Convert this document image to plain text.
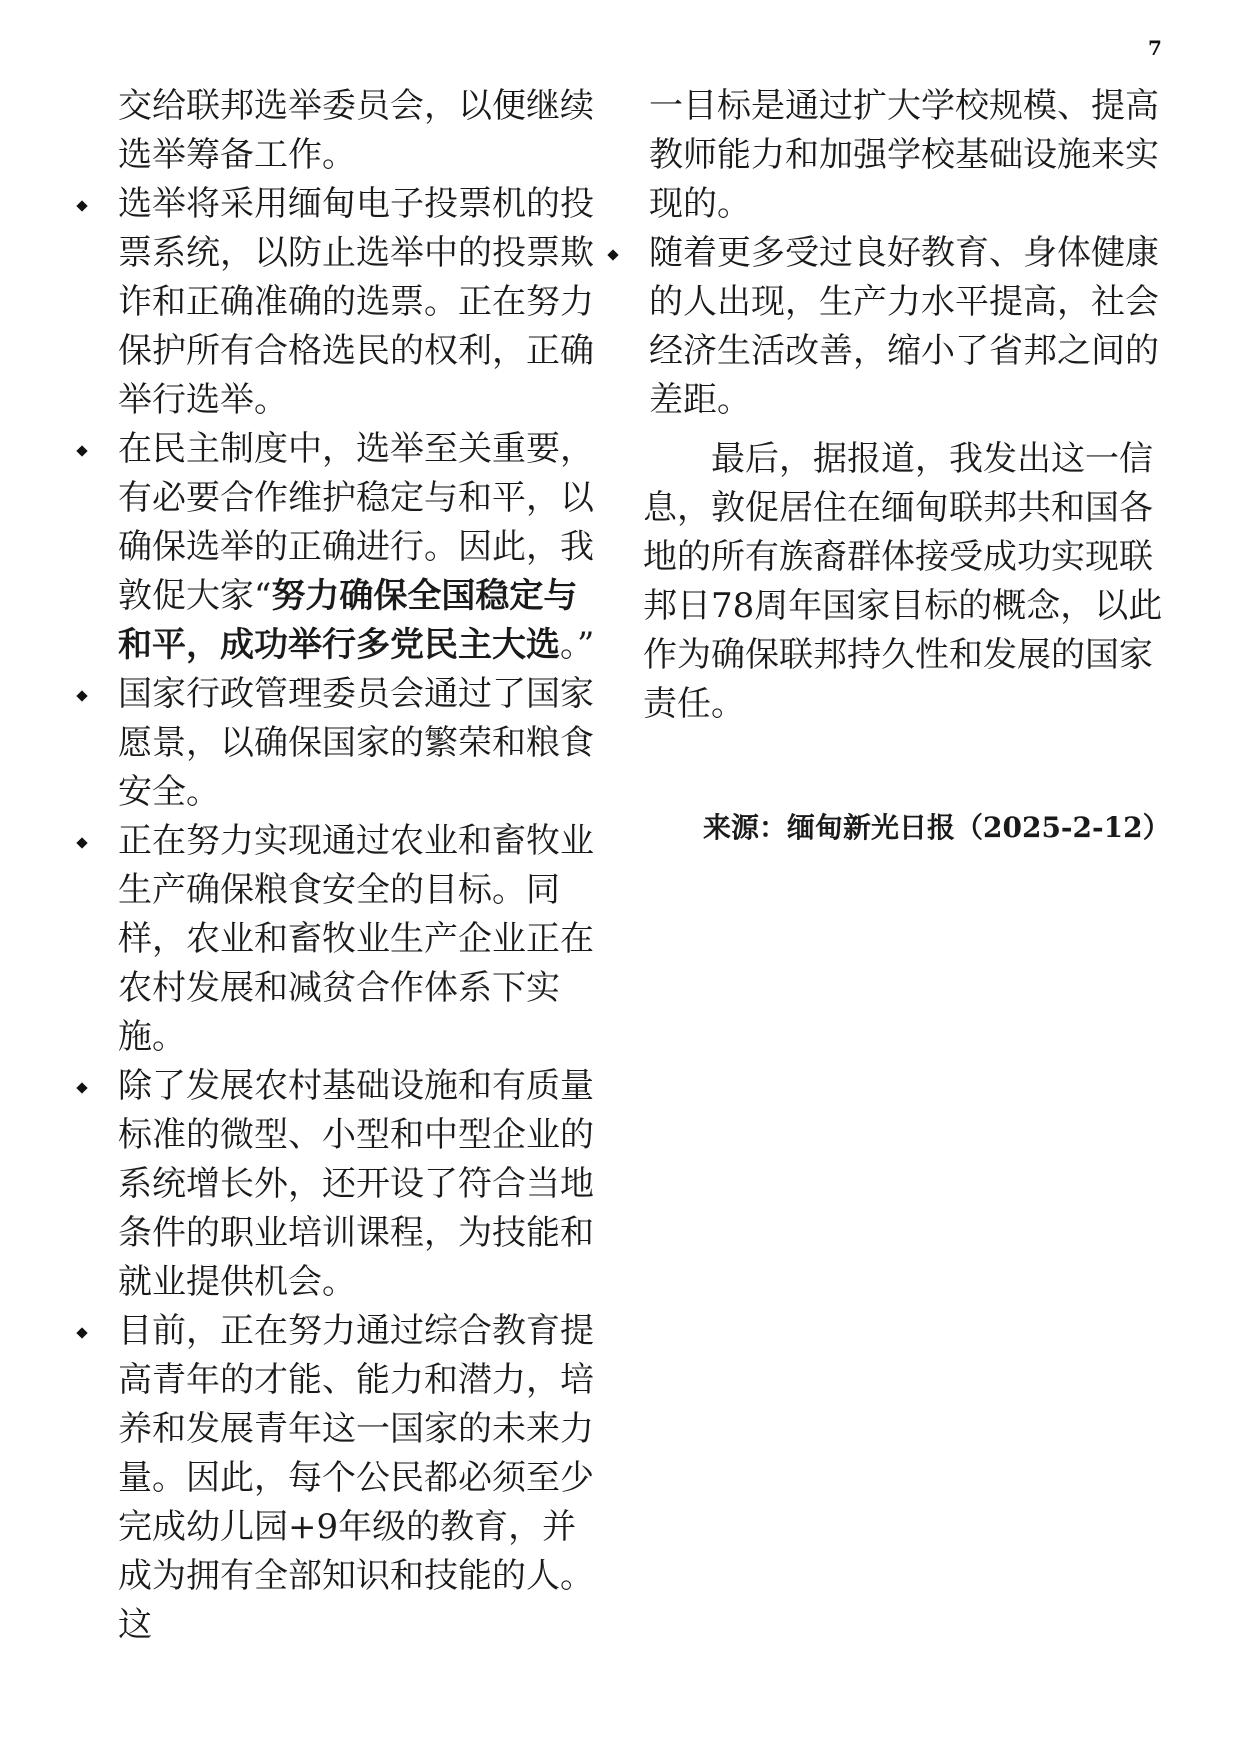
7

交给联邦选举委员会，以便继续选举筹备工作。

选举将采用缅甸电子投票机的投票系统，以防止选举中的投票欺诈和正确准确的选票。正在努力保护所有合格选民的权利，正确举行选举。
在民主制度中，选举至关重要，有必要合作维护稳定与和平，以确保选举的正确进行。因此，我敦促大家“努力确保全国稳定与和平，成功举行多党民主大选。”
国家行政管理委员会通过了国家愿景，以确保国家的繁荣和粮食安全。
正在努力实现通过农业和畜牧业生产确保粮食安全的目标。同样，农业和畜牧业生产企业正在农村发展和减贫合作体系下实施。
除了发展农村基础设施和有质量标准的微型、小型和中型企业的系统增长外，还开设了符合当地条件的职业培训课程，为技能和就业提供机会。
目前，正在努力通过综合教育提高青年的才能、能力和潜力，培养和发展青年这一国家的未来力量。因此，每个公民都必须至少完成幼儿园+9年级的教育，并成为拥有全部知识和技能的人。这

一目标是通过扩大学校规模、提高教师能力和加强学校基础设施来实现的。

随着更多受过良好教育、身体健康的人出现，生产力水平提高，社会经济生活改善，缩小了省邦之间的差距。

最后，据报道，我发出这一信息，敦促居住在缅甸联邦共和国各地的所有族裔群体接受成功实现联邦日78周年国家目标的概念，以此作为确保联邦持久性和发展的国家责任。

来源：缅甸新光日报（2025-2-12）
